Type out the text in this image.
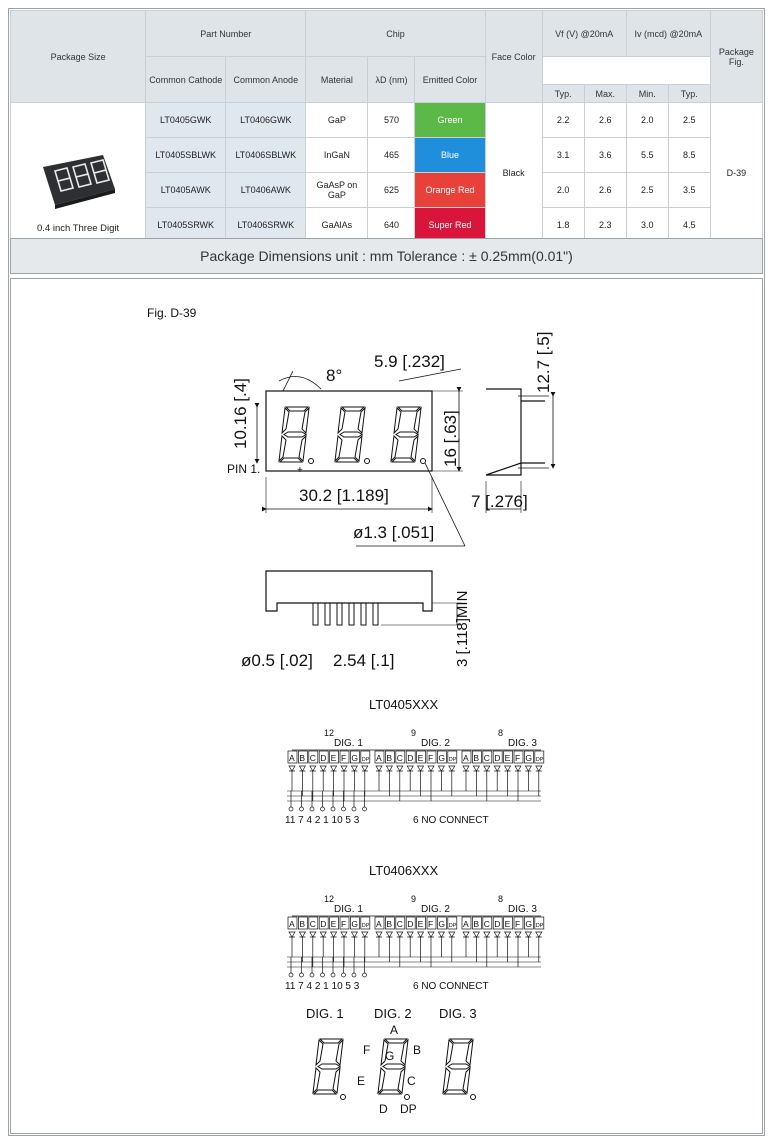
Package Size	Part Number		Chip			Face Color	Vf (V) @20mA		Iv (mcd) @20mA		Package Fig.
	Common Cathode	Common Anode	Material	λD (nm)	Emitted Color					
							Typ.	Max.	Min.	Typ.	

0.4 inch Three Digit	LT0405GWK	LT0406GWK	GaP	570	Green	Black	2.2	2.6	2.0	2.5	D-39
	LT0405SBLWK	LT0406SBLWK	InGaN	465	Blue		3.1	3.6	5.5	8.5	
	LT0405AWK	LT0406AWK	GaAsP on GaP	625	Orange Red		2.0	2.6	2.5	3.5	
	LT0405SRWK	LT0406SRWK	GaAlAs	640	Super Red		1.8	2.3	3.0	4.5	
Package Dimensions unit : mm Tolerance : ± 0.25mm(0.01")
Fig. D-39
+
PIN 1.
8°
5.9 [.232]
10.16 [.4]	16 [.63]
30.2 [1.189]
ø1.3 [.051]
12.7 [.5]
7 [.276]
3 [.118]MIN
ø0.5 [.02] 2.54 [.1]
LT0405XXX
12
DIG. 1
9
DIG. 2
8
DIG. 3
A B C D E F G DP A B C D E F G DP A B C D E F G DP
11 7 4 2 1 10 5 3	6 NO CONNECT
LT0406XXX
12
DIG. 1
9
DIG. 2
8
DIG. 3
A B C D E F G DP A B C D E F G DP A B C D E F G DP
11 7 4 2 1 10 5 3	6 NO CONNECT
DIG. 1 DIG. 2 DIG. 3
A
B
C
D
E
F G
DP
